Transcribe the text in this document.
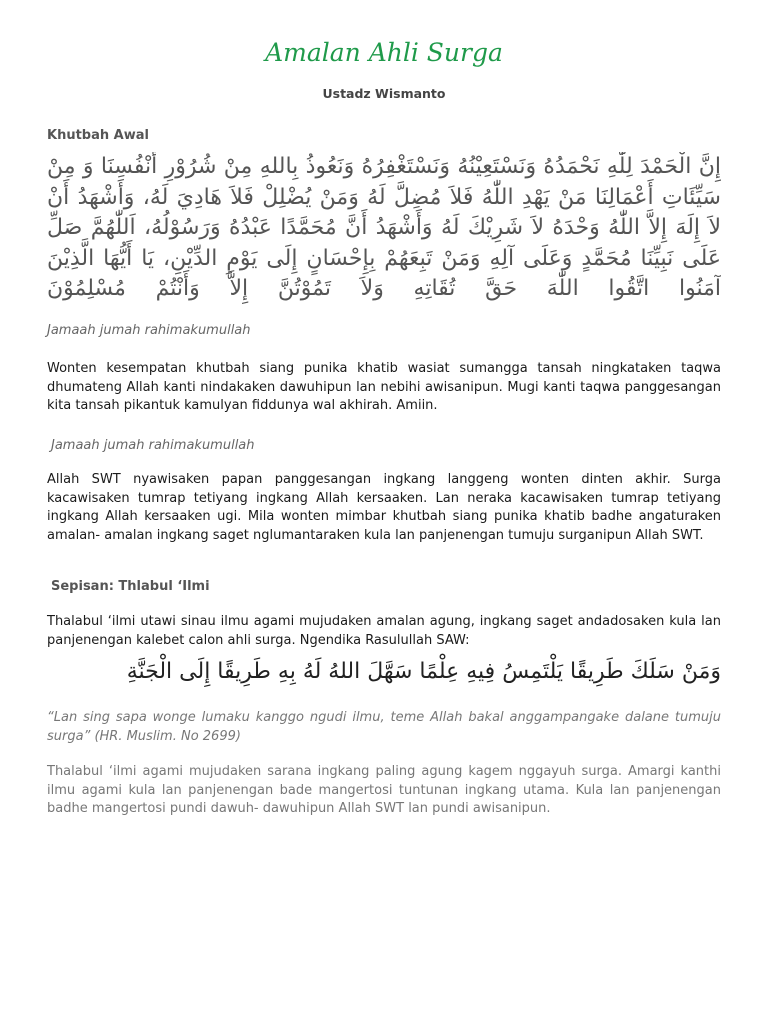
Amalan Ahli Surga
Ustadz Wismanto
Khutbah Awal
إِنَّ الْحَمْدَ لِلّٰهِ نَحْمَدُهُ وَنَسْتَعِيْنُهُ وَنَسْتَغْفِرُهُ وَنَعُوذُ بِاللهِ مِنْ شُرُوْرِ أَنْفُسِنَا وَ مِنْ سَيِّئَاتِ أَعْمَالِنَا مَنْ يَهْدِ اللّٰهُ فَلاَ مُضِلَّ لَهُ وَمَنْ يُضْلِلْ فَلاَ هَادِيَ لَهُ، وَأَشْهَدُ أَنْ لاَ إِلَهَ إِلاَّ اللّٰهُ وَحْدَهُ لاَ شَرِيْكَ لَهُ وَأَشْهَدُ أَنَّ مُحَمَّدًا عَبْدُهُ وَرَسُوْلُهُ، اَللّٰهُمَّ صَلِّ عَلَى نَبِيِّنَا مُحَمَّدٍ وَعَلَى آلِهِ وَمَنْ تَبِعَهُمْ بِإِحْسَانٍ إِلَى يَوْمِ الدِّيْنِ، يَا أَيُّهَا الَّذِيْنَ آمَنُوا اتَّقُوا اللّٰهَ حَقَّ تُقَاتِهِ وَلاَ تَمُوْتُنَّ إِلاَّ وَأَنْتُمْ مُسْلِمُوْنَ
Jamaah jumah rahimakumullah
Wonten kesempatan khutbah siang punika khatib wasiat sumangga tansah ningkataken taqwa dhumateng Allah kanti nindakaken dawuhipun lan nebihi awisanipun. Mugi kanti taqwa panggesangan kita tansah pikantuk kamulyan fiddunya wal akhirah. Amiin.
Jamaah jumah rahimakumullah
Allah SWT nyawisaken papan panggesangan ingkang langgeng wonten dinten akhir. Surga kacawisaken tumrap tetiyang ingkang Allah kersaaken. Lan neraka kacawisaken tumrap tetiyang ingkang Allah kersaaken ugi. Mila wonten mimbar khutbah siang punika khatib badhe angaturaken amalan- amalan ingkang saget nglumantaraken kula lan panjenengan tumuju surganipun Allah SWT.
Sepisan: Thlabul ‘Ilmi
Thalabul ‘ilmi utawi sinau ilmu agami mujudaken amalan agung, ingkang saget andadosaken kula lan panjenengan kalebet calon ahli surga. Ngendika Rasulullah SAW:
وَمَنْ سَلَكَ طَرِيقًا يَلْتَمِسُ فِيهِ عِلْمًا سَهَّلَ اللهُ لَهُ بِهِ طَرِيقًا إِلَى الْجَنَّةِ
“Lan sing sapa wonge lumaku kanggo ngudi ilmu, teme Allah bakal anggampangake dalane tumuju surga” (HR. Muslim. No 2699)
Thalabul ‘ilmi agami mujudaken sarana ingkang paling agung kagem nggayuh surga. Amargi kanthi ilmu agami kula lan panjenengan bade mangertosi tuntunan ingkang utama. Kula lan panjenengan badhe mangertosi pundi dawuh- dawuhipun Allah SWT lan pundi awisanipun.
